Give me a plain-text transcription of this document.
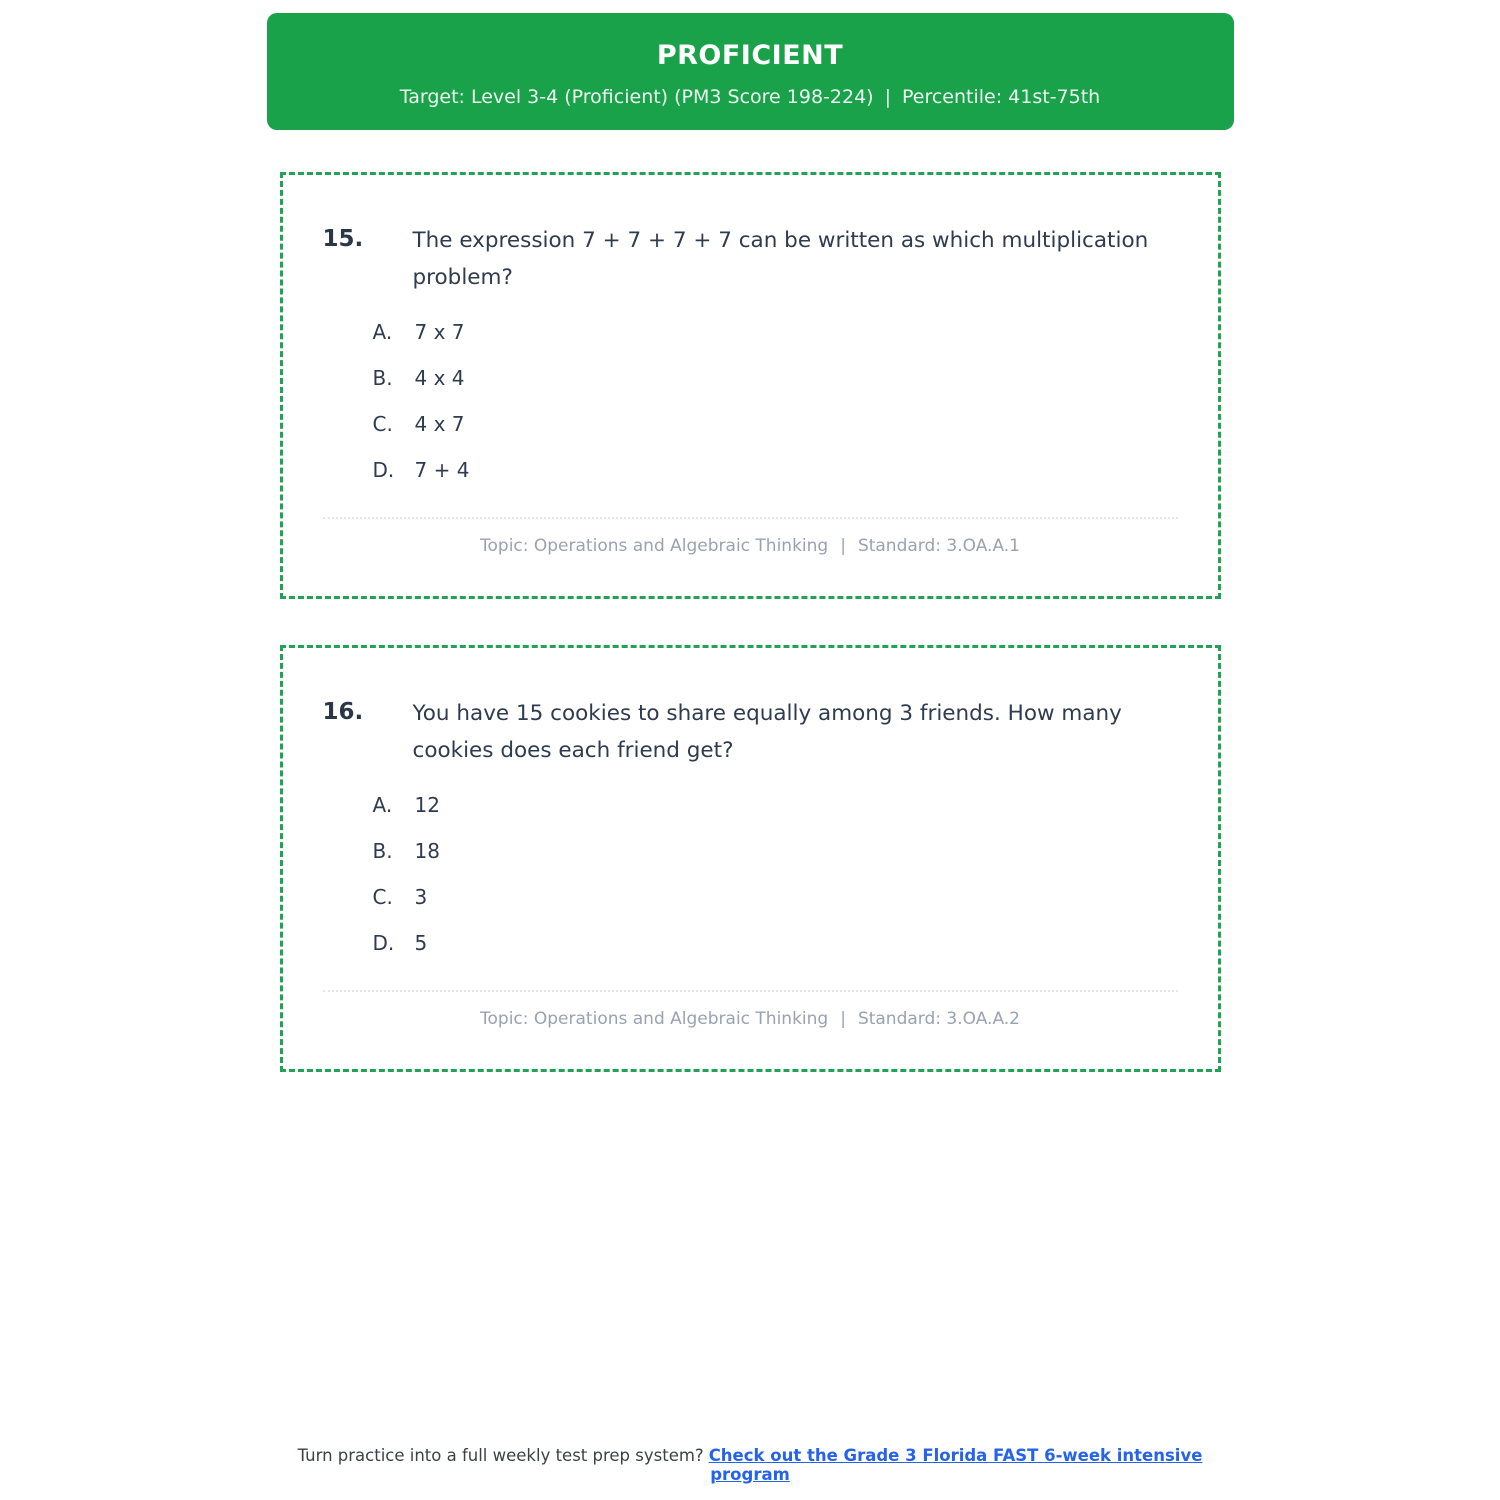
PROFICIENT
Target: Level 3-4 (Proficient) (PM3 Score 198-224) | Percentile: 41st-75th
15.	The expression 7 + 7 + 7 + 7 can be written as which multiplication problem?
A.	7 x 7
B.	4 x 4
C.	4 x 7
D.	7 + 4
Topic: Operations and Algebraic Thinking | Standard: 3.OA.A.1
16.	You have 15 cookies to share equally among 3 friends. How many cookies does each friend get?
A.	12
B.	18
C.	3
D.	5
Topic: Operations and Algebraic Thinking | Standard: 3.OA.A.2
Turn practice into a full weekly test prep system? Check out the Grade 3 Florida FAST 6-week intensive program
